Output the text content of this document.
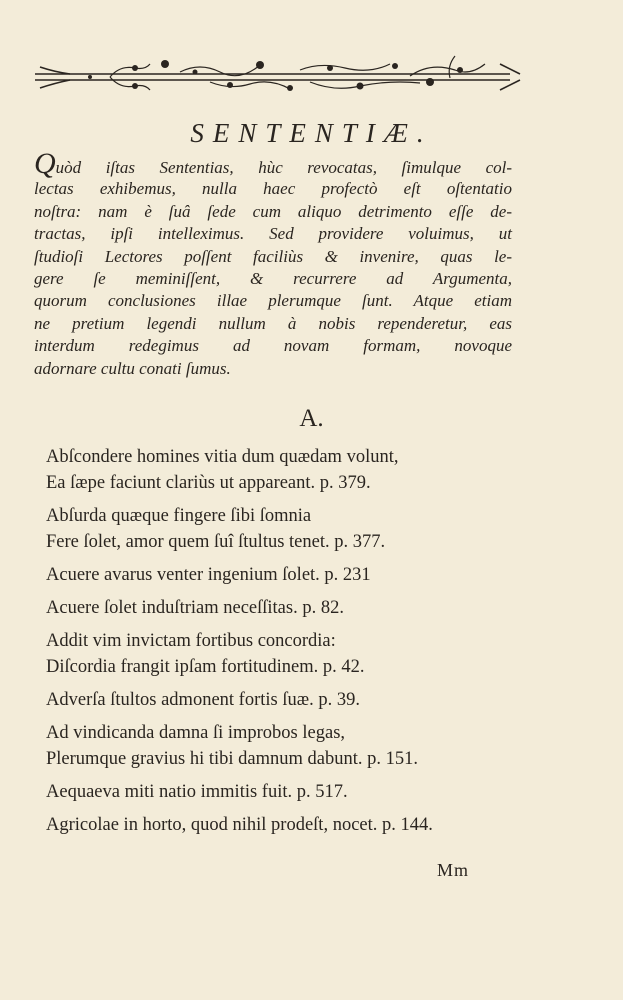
SENTENTIÆ.
Quòd iſtas Sententias, hùc revocatas, ſimulque col-
lectas exhibemus, nulla haec profectò eſt oſtentatio
noſtra: nam è ſuâ ſede cum aliquo detrimento eſſe de-
tractas, ipſi intelleximus. Sed providere voluimus, ut
ſtudioſi Lectores poſſent faciliùs & invenire, quas le-
gere ſe meminiſſent, & recurrere ad Argumenta,
quorum conclusiones illae plerumque ſunt. Atque etiam
ne pretium legendi nullum à nobis rependeretur, eas
interdum redegimus ad novam formam, novoque
adornare cultu conati ſumus.
A.
Abſcondere homines vitia dum quædam volunt,
Ea ſæpe faciunt clariùs ut appareant. p. 379.
Abſurda quæque fingere ſibi ſomnia
Fere ſolet, amor quem ſuî ſtultus tenet. p. 377.
Acuere avarus venter ingenium ſolet. p. 231
Acuere ſolet induſtriam neceſſitas. p. 82.
Addit vim invictam fortibus concordia:
Diſcordia frangit ipſam fortitudinem. p. 42.
Adverſa ſtultos admonent fortis ſuæ. p. 39.
Ad vindicanda damna ſi improbos legas,
Plerumque gravius hi tibi damnum dabunt. p. 151.
Aequaeva miti natio immitis fuit. p. 517.
Agricolae in horto, quod nihil prodeſt, nocet. p. 144.
Mm
